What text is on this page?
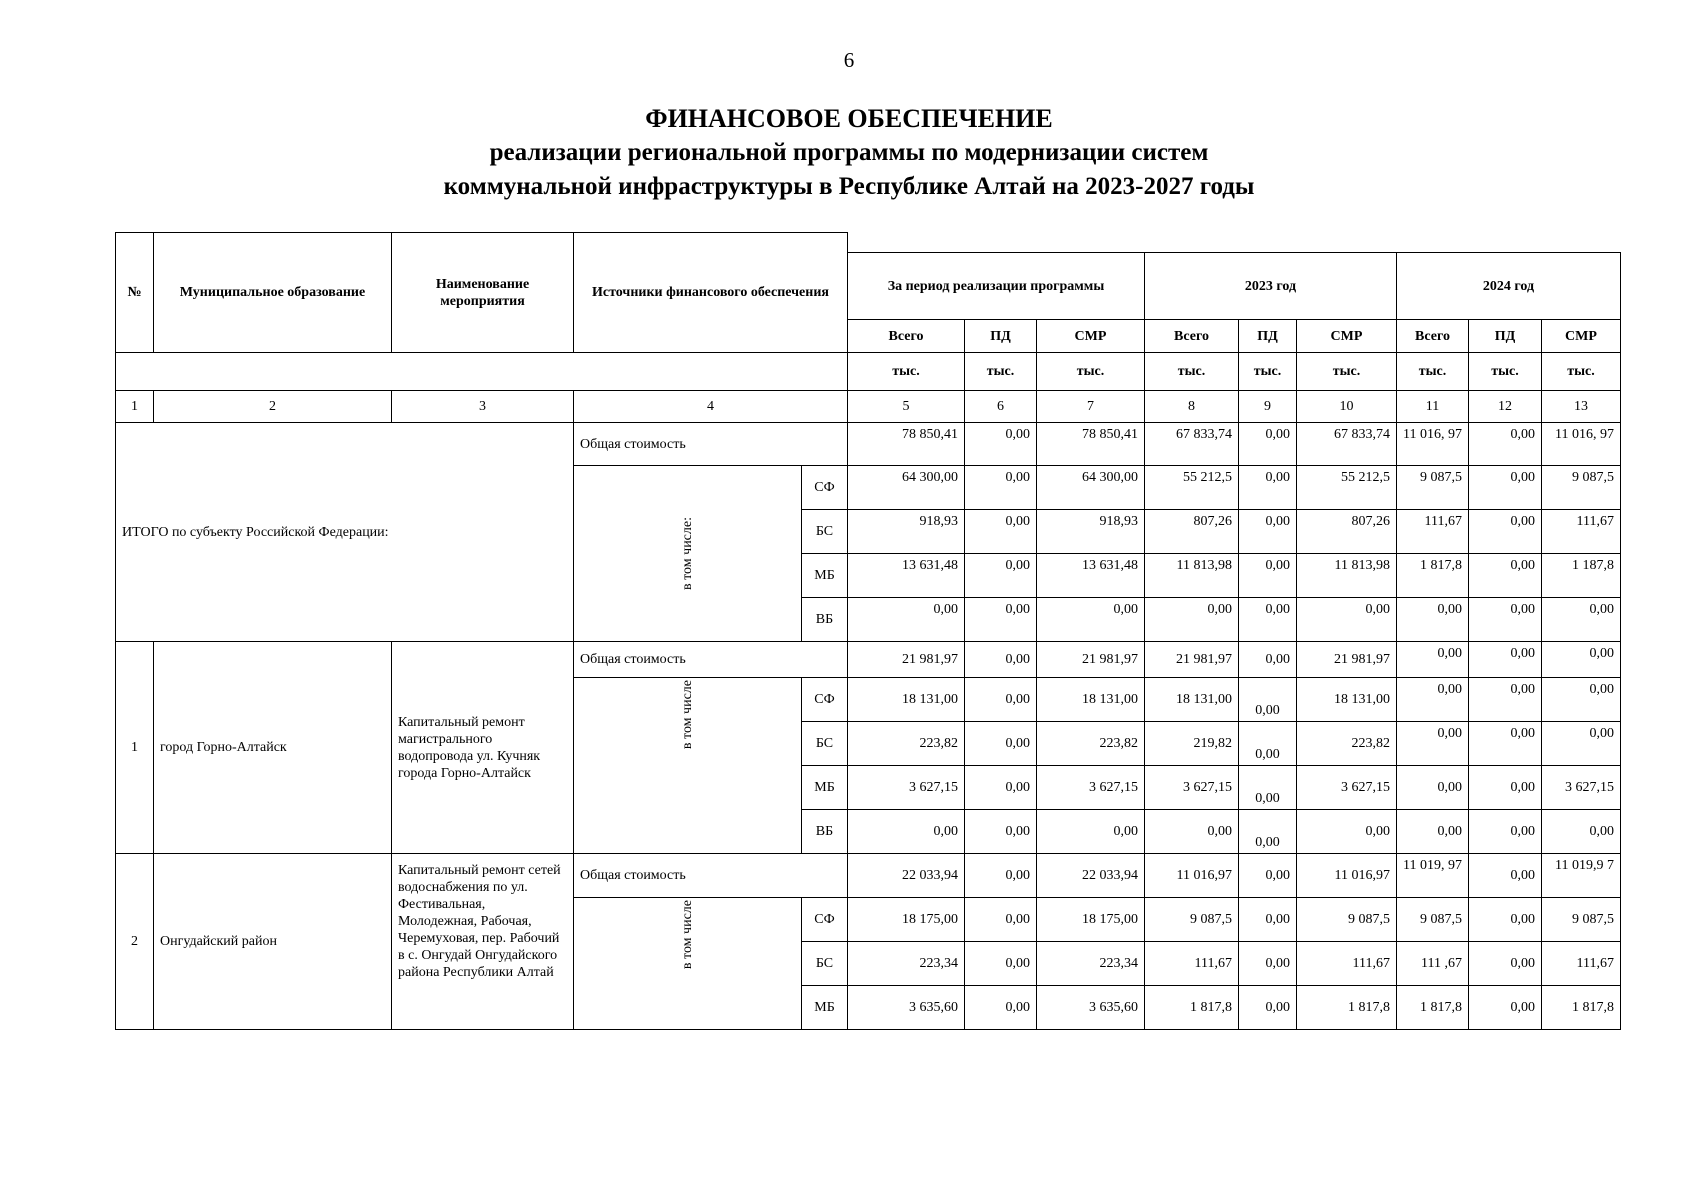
6
ФИНАНСОВОЕ ОБЕСПЕЧЕНИЕ
реализации региональной программы по модернизации систем
коммунальной инфраструктуры в Республике Алтай на 2023-2027 годы
№	Муниципальное образование	Наименование мероприятия	Источники финансового обеспечения										
					За период реализации программы			2023 год			2024 год		
					Всего	ПД	СМР	Всего	ПД	СМР	Всего	ПД	СМР
					тыс.	тыс.	тыс.	тыс.	тыс.	тыс.	тыс.	тыс.	тыс.
1	2	3	4		5	6	7	8	9	10	11	12	13
ИТОГО по субъекту Российской Федерации:			Общая стоимость		78 850,41	0,00	78 850,41	67 833,74	0,00	67 833,74	11 016, 97	0,00	11 016, 97

			в том числе:	СФ	64 300,00	0,00	64 300,00	55 212,5	0,00	55 212,5	9 087,5	0,00	9 087,5
				БС	918,93	0,00	918,93	807,26	0,00	807,26	111,67	0,00	111,67
				МБ	13 631,48	0,00	13 631,48	11 813,98	0,00	11 813,98	1 817,8	0,00	1 187,8
				ВБ	0,00	0,00	0,00	0,00	0,00	0,00	0,00	0,00	0,00
1	город Горно-Алтайск	Капитальный ремонт магистрального водопровода ул. Кучняк города Горно-Алтайск	Общая стоимость		21 981,97	0,00	21 981,97	21 981,97	0,00	21 981,97	0,00	0,00	0,00

			в том числе	СФ	18 131,00	0,00	18 131,00	18 131,00	0,00	18 131,00	0,00	0,00	0,00
				БС	223,82	0,00	223,82	219,82	0,00	223,82	0,00	0,00	0,00
				МБ	3 627,15	0,00	3 627,15	3 627,15	0,00	3 627,15	0,00	0,00	3 627,15
				ВБ	0,00	0,00	0,00	0,00	0,00	0,00	0,00	0,00	0,00
2	Онгудайский район	Капитальный ремонт сетей водоснабжения по ул. Фестивальная, Молодежная, Рабочая, Черемуховая, пер. Рабочий в с. Онгудай Онгудайского района Республики Алтай	Общая стоимость		22 033,94	0,00	22 033,94	11 016,97	0,00	11 016,97	11 019, 97	0,00	11 019,9 7

			в том числе	СФ	18 175,00	0,00	18 175,00	9 087,5	0,00	9 087,5	9 087,5	0,00	9 087,5
				БС	223,34	0,00	223,34	111,67	0,00	111,67	111 ,67	0,00	111,67
				МБ	3 635,60	0,00	3 635,60	1 817,8	0,00	1 817,8	1 817,8	0,00	1 817,8
